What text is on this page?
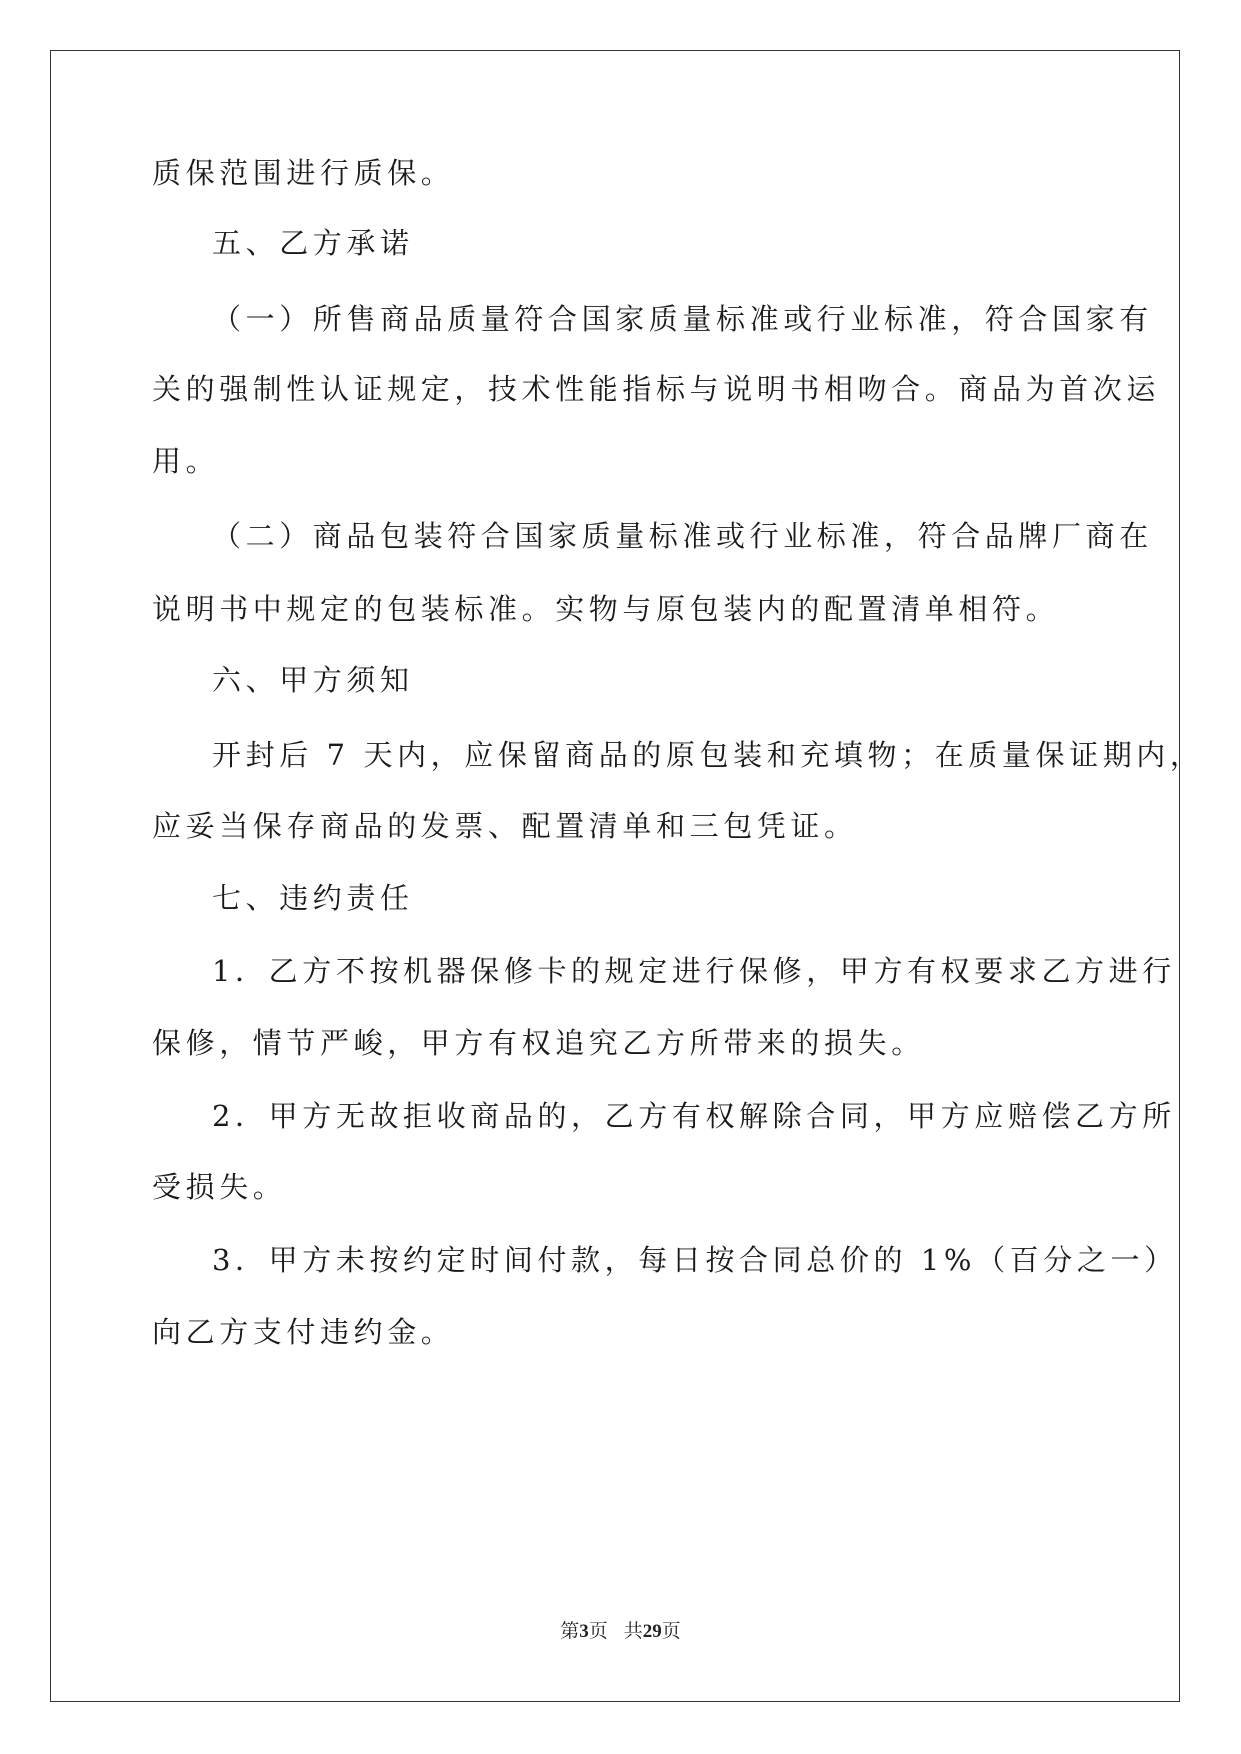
质保范围进行质保。
五、乙方承诺
（一）所售商品质量符合国家质量标准或行业标准，符合国家有
关的强制性认证规定，技术性能指标与说明书相吻合。商品为首次运
用。
（二）商品包装符合国家质量标准或行业标准，符合品牌厂商在
说明书中规定的包装标准。实物与原包装内的配置清单相符。
六、甲方须知
开封后 7 天内，应保留商品的原包装和充填物；在质量保证期内，
应妥当保存商品的发票、配置清单和三包凭证。
七、违约责任
1．乙方不按机器保修卡的规定进行保修，甲方有权要求乙方进行
保修，情节严峻，甲方有权追究乙方所带来的损失。
2．甲方无故拒收商品的，乙方有权解除合同，甲方应赔偿乙方所
受损失。
3．甲方未按约定时间付款，每日按合同总价的 1%（百分之一）
向乙方支付违约金。
第3页 共29页
